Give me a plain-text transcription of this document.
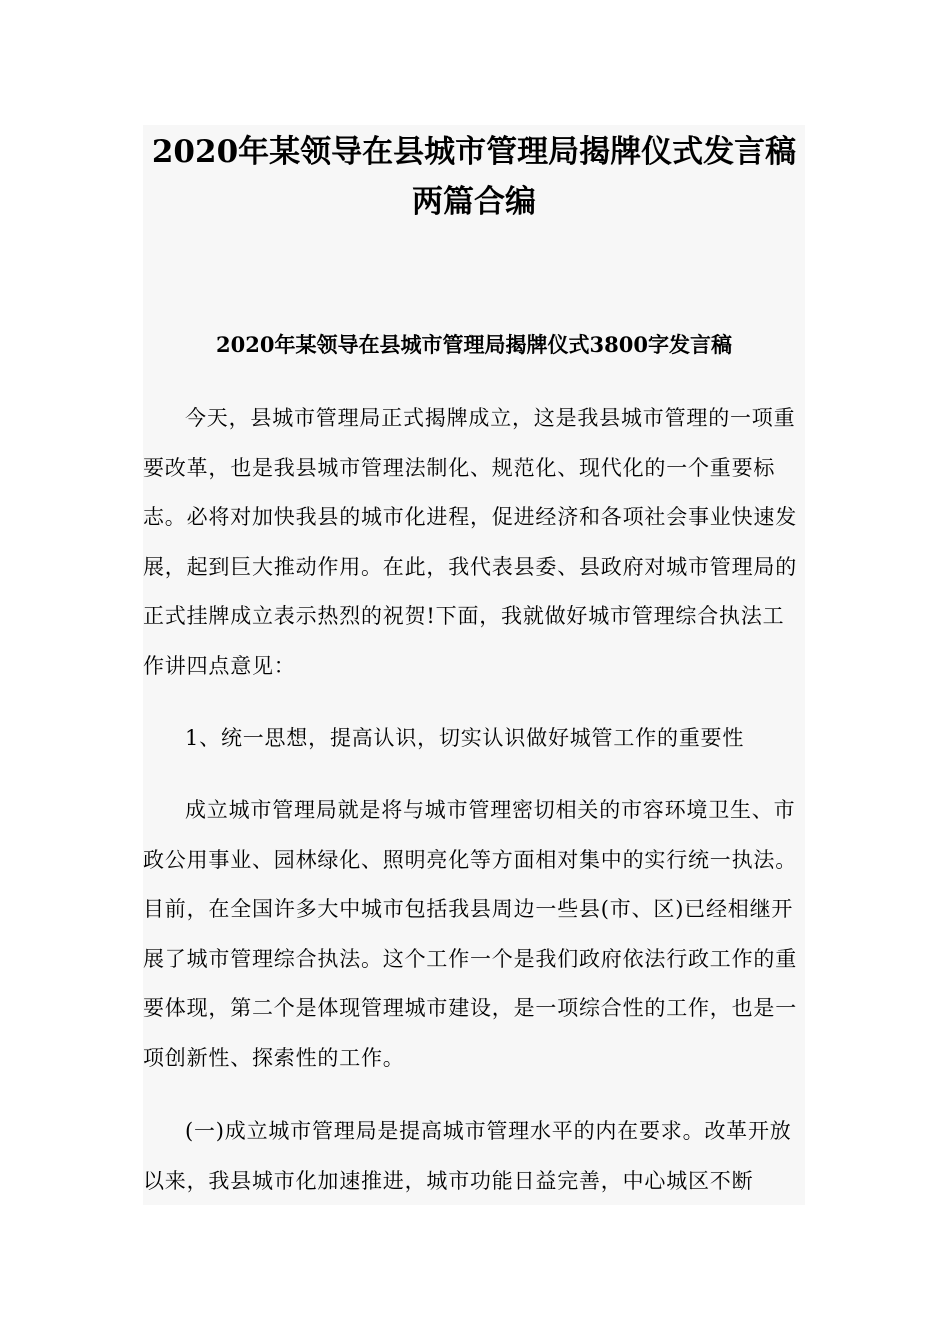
2020年某领导在县城市管理局揭牌仪式发言稿两篇合编
2020年某领导在县城市管理局揭牌仪式3800字发言稿

今天，县城市管理局正式揭牌成立，这是我县城市管理的一项重要改革，也是我县城市管理法制化、规范化、现代化的一个重要标志。必将对加快我县的城市化进程，促进经济和各项社会事业快速发展，起到巨大推动作用。在此，我代表县委、县政府对城市管理局的正式挂牌成立表示热烈的祝贺!下面，我就做好城市管理综合执法工作讲四点意见：

1、统一思想，提高认识，切实认识做好城管工作的重要性

成立城市管理局就是将与城市管理密切相关的市容环境卫生、市政公用事业、园林绿化、照明亮化等方面相对集中的实行统一执法。目前，在全国许多大中城市包括我县周边一些县(市、区)已经相继开展了城市管理综合执法。这个工作一个是我们政府依法行政工作的重要体现，第二个是体现管理城市建设，是一项综合性的工作，也是一项创新性、探索性的工作。

(一)成立城市管理局是提高城市管理水平的内在要求。改革开放以来，我县城市化加速推进，城市功能日益完善，中心城区不断
